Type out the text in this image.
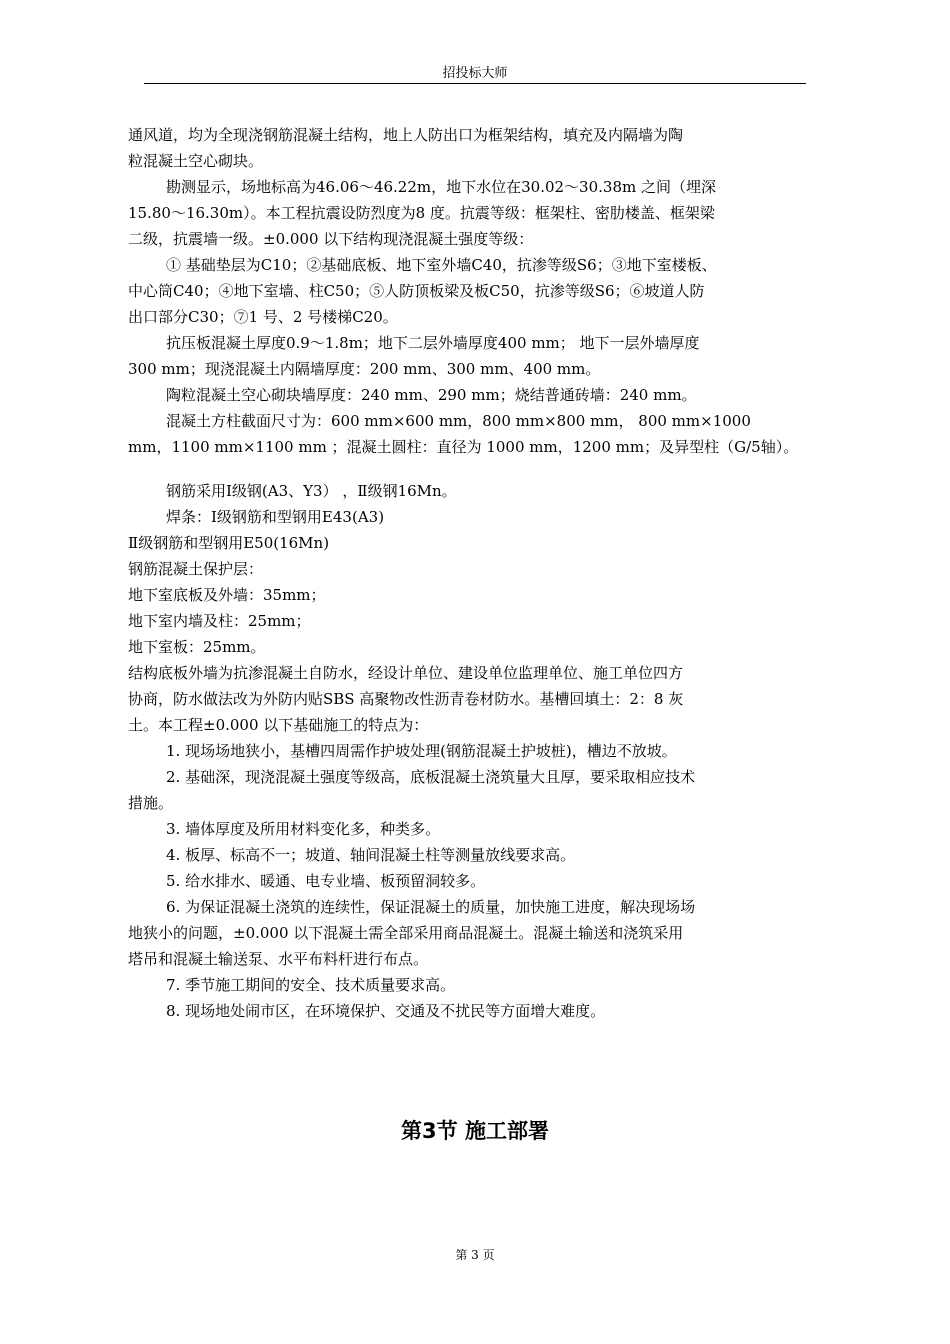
招投标大师

通风道，均为全现浇钢筋混凝土结构，地上人防出口为框架结构，填充及内隔墙为陶

粒混凝土空心砌块。

勘测显示，场地标高为46.06～46.22m，地下水位在30.02～30.38m 之间（埋深

15.80～16.30m）。本工程抗震设防烈度为8 度。抗震等级：框架柱、密肋楼盖、框架梁

二级，抗震墙一级。±0.000 以下结构现浇混凝土强度等级：

① 基础垫层为C10；②基础底板、地下室外墙C40，抗渗等级S6；③地下室楼板、

中心筒C40；④地下室墙、柱C50；⑤人防顶板梁及板C50，抗渗等级S6；⑥坡道人防

出口部分C30；⑦1 号、2 号楼梯C20。

抗压板混凝土厚度0.9～1.8m；地下二层外墙厚度400 mm； 地下一层外墙厚度

300 mm；现浇混凝土内隔墙厚度：200 mm、300 mm、400 mm。

陶粒混凝土空心砌块墙厚度：240 mm、290 mm；烧结普通砖墙：240 mm。

混凝土方柱截面尺寸为：600 mm×600 mm，800 mm×800 mm， 800 mm×1000

mm，1100 mm×1100 mm ；混凝土圆柱：直径为 1000 mm，1200 mm；及异型柱（G/5轴）。

钢筋采用Ⅰ级钢(A3、Y3） ，Ⅱ级钢16Mn。

焊条：Ⅰ级钢筋和型钢用E43(A3)

Ⅱ级钢筋和型钢用E50(16Mn)

钢筋混凝土保护层：

地下室底板及外墙：35mm；

地下室内墙及柱：25mm；

地下室板：25mm。

结构底板外墙为抗渗混凝土自防水，经设计单位、建设单位监理单位、施工单位四方

协商，防水做法改为外防内贴SBS 高聚物改性沥青卷材防水。基槽回填土：2：8 灰

土。本工程±0.000 以下基础施工的特点为：

1. 现场场地狭小，基槽四周需作护坡处理(钢筋混凝土护坡桩)，槽边不放坡。

2. 基础深，现浇混凝土强度等级高，底板混凝土浇筑量大且厚，要采取相应技术

措施。

3. 墙体厚度及所用材料变化多，种类多。

4. 板厚、标高不一；坡道、轴间混凝土柱等测量放线要求高。

5. 给水排水、暖通、电专业墙、板预留洞较多。

6. 为保证混凝土浇筑的连续性，保证混凝土的质量，加快施工进度，解决现场场

地狭小的问题，±0.000 以下混凝土需全部采用商品混凝土。混凝土输送和浇筑采用

塔吊和混凝土输送泵、水平布料杆进行布点。

7. 季节施工期间的安全、技术质量要求高。

8. 现场地处闹市区，在环境保护、交通及不扰民等方面增大难度。

第3节 施工部署
第 3 页
